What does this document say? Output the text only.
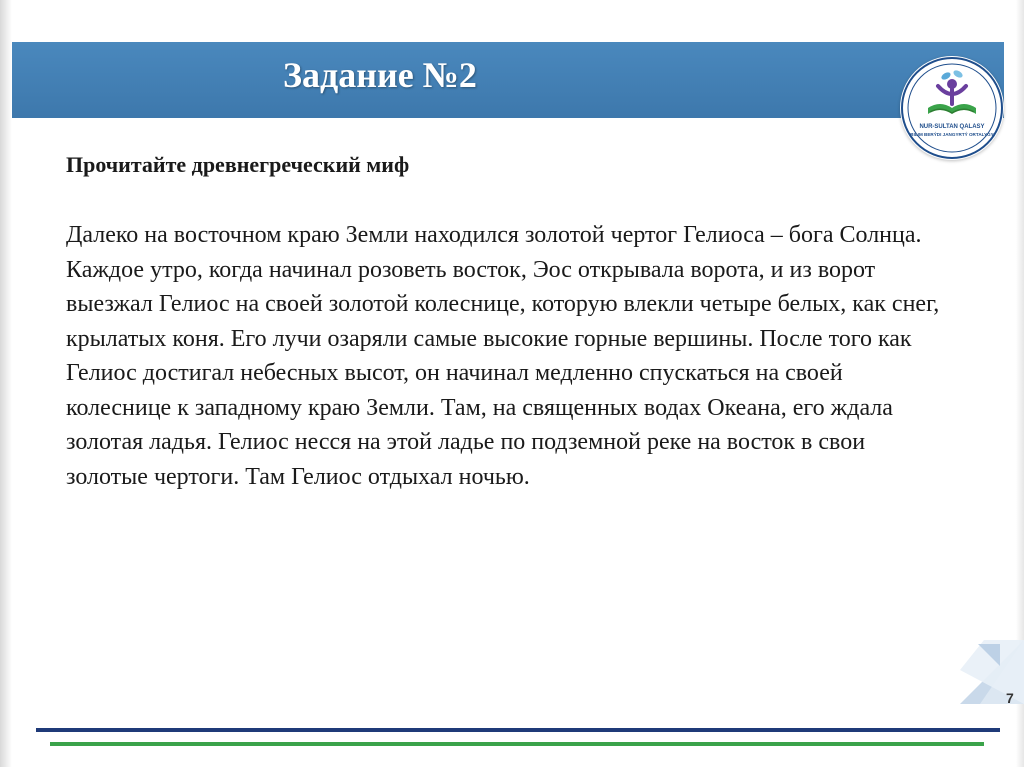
Задание №2
NUR-SULTAN QALASY
BILIM BERÝDI JANGYRTÝ ORTALYǴY
Прочитайте древнегреческий миф

Далеко на восточном краю Земли находился золотой чертог Гелиоса – бога Солнца. Каждое утро, когда начинал розоветь восток, Эос открывала ворота, и из ворот выезжал Гелиос на своей золотой колеснице, которую влекли четыре белых, как снег, крылатых коня. Его лучи озаряли самые высокие горные вершины. После того как Гелиос достигал небесных высот, он начинал медленно спускаться на своей колеснице к западному краю Земли. Там, на священных водах Океана, его ждала золотая ладья. Гелиос несся на этой ладье по подземной реке на восток в свои золотые чертоги. Там Гелиос отдыхал ночью.

7
